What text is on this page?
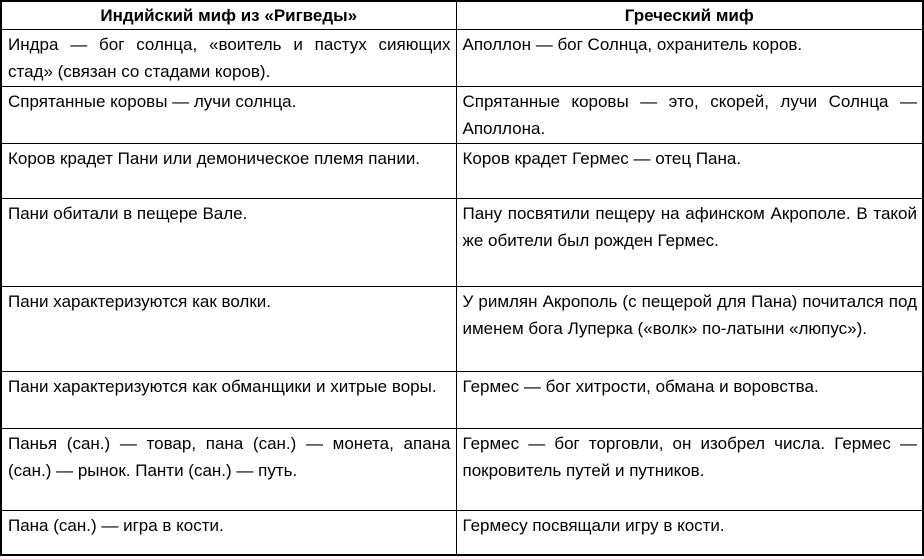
Индийский миф из «Ригведы»	Греческий миф
Индра — бог солнца, «воитель и пастух сияющих стад» (связан со стадами коров).	Аполлон — бог Солнца, охранитель коров.
Спрятанные коровы — лучи солнца.	Спрятанные коровы — это, скорей, лучи Солнца — Аполлона.
Коров крадет Пани или демоническое племя пании.	Коров крадет Гермес — отец Пана.
Пани обитали в пещере Вале.	Пану посвятили пещеру на афинском Акрополе. В такой же обители был рожден Гермес.
Пани характеризуются как волки.	У римлян Акрополь (с пещерой для Пана) почитался под именем бога Луперка («волк» по-латыни «люпус»).
Пани характеризуются как обманщики и хитрые воры.	Гермес — бог хитрости, обмана и воровства.
Панья (сан.) — товар, пана (сан.) — монета, апана (сан.) — рынок. Панти (сан.) — путь.	Гермес — бог торговли, он изобрел числа. Гермес — покровитель путей и путников.
Пана (сан.) — игра в кости.	Гермесу посвящали игру в кости.
